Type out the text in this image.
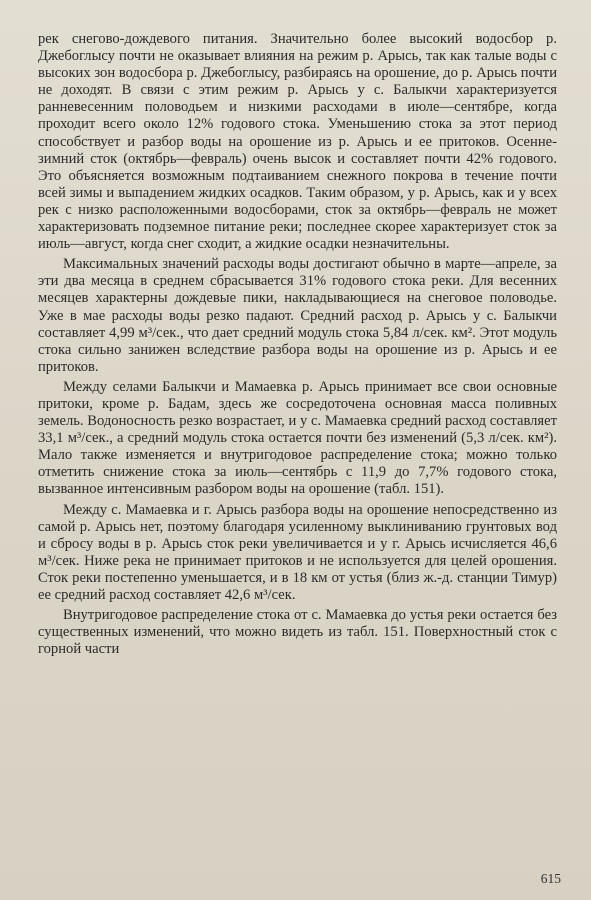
рек снегово-дождевого питания. Значительно более высокий водосбор р. Джебоглысу почти не оказывает влияния на режим р. Арысь, так как талые воды с высоких зон водосбора р. Джебоглысу, разбираясь на орошение, до р. Арысь почти не доходят. В связи с этим режим р. Арысь у с. Балыкчи характеризуется ранневесенним половодьем и низкими расходами в июле—сентябре, когда проходит всего около 12% годового стока. Уменьшению стока за этот период способствует и разбор воды на орошение из р. Арысь и ее притоков. Осенне-зимний сток (октябрь—февраль) очень высок и составляет почти 42% годового. Это объясняется возможным подтаиванием снежного покрова в течение почти всей зимы и выпадением жидких осадков. Таким образом, у р. Арысь, как и у всех рек с низко расположенными водосборами, сток за октябрь—февраль не может характеризовать подземное питание реки; последнее скорее характеризует сток за июль—август, когда снег сходит, а жидкие осадки незначительны.

Максимальных значений расходы воды достигают обычно в марте—апреле, за эти два месяца в среднем сбрасывается 31% годового стока реки. Для весенних месяцев характерны дождевые пики, накладывающиеся на снеговое половодье. Уже в мае расходы воды резко падают. Средний расход р. Арысь у с. Балыкчи составляет 4,99 м³/сек., что дает средний модуль стока 5,84 л/сек. км². Этот модуль стока сильно занижен вследствие разбора воды на орошение из р. Арысь и ее притоков.

Между селами Балыкчи и Мамаевка р. Арысь принимает все свои основные притоки, кроме р. Бадам, здесь же сосредоточена основная масса поливных земель. Водоносность резко возрастает, и у с. Мамаевка средний расход составляет 33,1 м³/сек., а средний модуль стока остается почти без изменений (5,3 л/сек. км²). Мало также изменяется и внутригодовое распределение стока; можно только отметить снижение стока за июль—сентябрь с 11,9 до 7,7% годового стока, вызванное интенсивным разбором воды на орошение (табл. 151).

Между с. Мамаевка и г. Арысь разбора воды на орошение непосредственно из самой р. Арысь нет, поэтому благодаря усиленному выклиниванию грунтовых вод и сбросу воды в р. Арысь сток реки увеличивается и у г. Арысь исчисляется 46,6 м³/сек. Ниже река не принимает притоков и не используется для целей орошения. Сток реки постепенно уменьшается, и в 18 км от устья (близ ж.-д. станции Тимур) ее средний расход составляет 42,6 м³/сек.

Внутригодовое распределение стока от с. Мамаевка до устья реки остается без существенных изменений, что можно видеть из табл. 151. Поверхностный сток с горной части

615
